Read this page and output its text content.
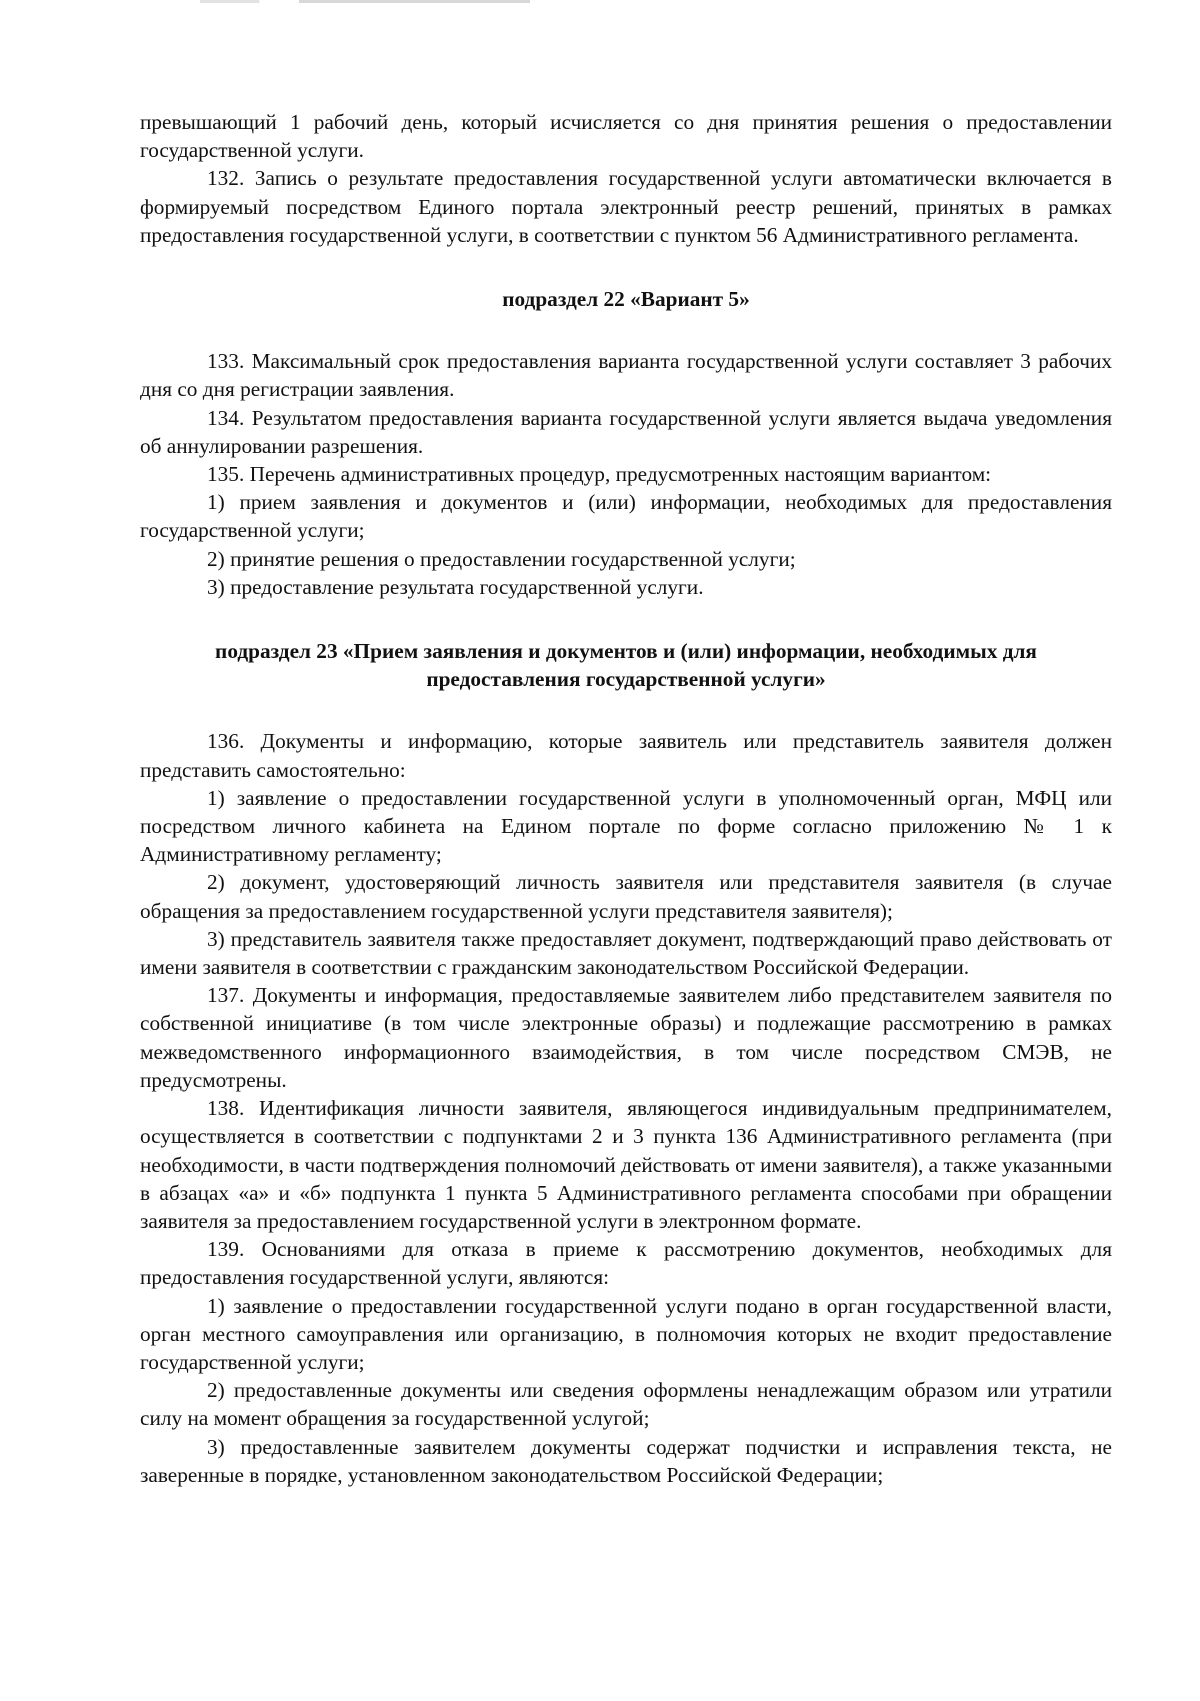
превышающий 1 рабочий день, который исчисляется со дня принятия решения о предоставлении государственной услуги.

132. Запись о результате предоставления государственной услуги автоматически включается в формируемый посредством Единого портала электронный реестр решений, принятых в рамках предоставления государственной услуги, в соответствии с пунктом 56 Административного регламента.

подраздел 22 «Вариант 5»

133. Максимальный срок предоставления варианта государственной услуги составляет 3 рабочих дня со дня регистрации заявления.

134. Результатом предоставления варианта государственной услуги является выдача уведомления об аннулировании разрешения.

135. Перечень административных процедур, предусмотренных настоящим вариантом:

1) прием заявления и документов и (или) информации, необходимых для предоставления государственной услуги;

2) принятие решения о предоставлении государственной услуги;

3) предоставление результата государственной услуги.

подраздел 23 «Прием заявления и документов и (или) информации, необходимых для предоставления государственной услуги»

136. Документы и информацию, которые заявитель или представитель заявителя должен представить самостоятельно:

1) заявление о предоставлении государственной услуги в уполномоченный орган, МФЦ или посредством личного кабинета на Едином портале по форме согласно приложению № 1 к Административному регламенту;

2) документ, удостоверяющий личность заявителя или представителя заявителя (в случае обращения за предоставлением государственной услуги представителя заявителя);

3) представитель заявителя также предоставляет документ, подтверждающий право действовать от имени заявителя в соответствии с гражданским законодательством Российской Федерации.

137. Документы и информация, предоставляемые заявителем либо представителем заявителя по собственной инициативе (в том числе электронные образы) и подлежащие рассмотрению в рамках межведомственного информационного взаимодействия, в том числе посредством СМЭВ, не предусмотрены.

138. Идентификация личности заявителя, являющегося индивидуальным предпринимателем, осуществляется в соответствии с подпунктами 2 и 3 пункта 136 Административного регламента (при необходимости, в части подтверждения полномочий действовать от имени заявителя), а также указанными в абзацах «а» и «б» подпункта 1 пункта 5 Административного регламента способами при обращении заявителя за предоставлением государственной услуги в электронном формате.

139. Основаниями для отказа в приеме к рассмотрению документов, необходимых для предоставления государственной услуги, являются:

1) заявление о предоставлении государственной услуги подано в орган государственной власти, орган местного самоуправления или организацию, в полномочия которых не входит предоставление государственной услуги;

2) предоставленные документы или сведения оформлены ненадлежащим образом или утратили силу на момент обращения за государственной услугой;

3) предоставленные заявителем документы содержат подчистки и исправления текста, не заверенные в порядке, установленном законодательством Российской Федерации;
